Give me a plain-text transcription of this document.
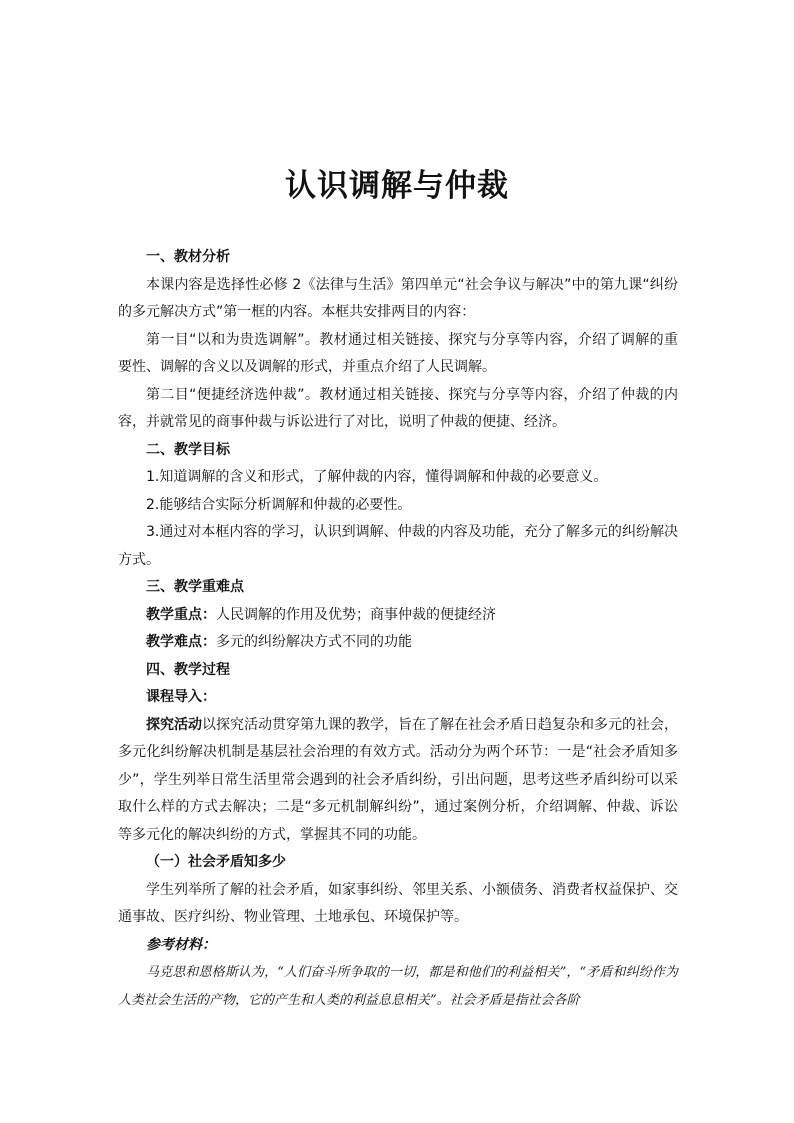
认识调解与仲裁

一、教材分析

本课内容是选择性必修 2《法律与生活》第四单元“社会争议与解决”中的第九课“纠纷的多元解决方式”第一框的内容。本框共安排两目的内容：

第一目“以和为贵选调解”。教材通过相关链接、探究与分享等内容，介绍了调解的重要性、调解的含义以及调解的形式，并重点介绍了人民调解。

第二目“便捷经济选仲裁”。教材通过相关链接、探究与分享等内容，介绍了仲裁的内容，并就常见的商事仲裁与诉讼进行了对比，说明了仲裁的便捷、经济。

二、教学目标

1.知道调解的含义和形式，了解仲裁的内容，懂得调解和仲裁的必要意义。

2.能够结合实际分析调解和仲裁的必要性。

3.通过对本框内容的学习，认识到调解、仲裁的内容及功能，充分了解多元的纠纷解决方式。

三、教学重难点

教学重点：人民调解的作用及优势；商事仲裁的便捷经济

教学难点：多元的纠纷解决方式不同的功能

四、教学过程

课程导入：

探究活动以探究活动贯穿第九课的教学，旨在了解在社会矛盾日趋复杂和多元的社会，多元化纠纷解决机制是基层社会治理的有效方式。活动分为两个环节：一是“社会矛盾知多少”，学生列举日常生活里常会遇到的社会矛盾纠纷，引出问题，思考这些矛盾纠纷可以采取什么样的方式去解决；二是“多元机制解纠纷”，通过案例分析，介绍调解、仲裁、诉讼等多元化的解决纠纷的方式，掌握其不同的功能。

（一）社会矛盾知多少

学生列举所了解的社会矛盾，如家事纠纷、邻里关系、小额债务、消费者权益保护、交通事故、医疗纠纷、物业管理、土地承包、环境保护等。

参考材料：

马克思和恩格斯认为，“人们奋斗所争取的一切，都是和他们的利益相关”，“矛盾和纠纷作为人类社会生活的产物，它的产生和人类的利益息息相关”。社会矛盾是指社会各阶
